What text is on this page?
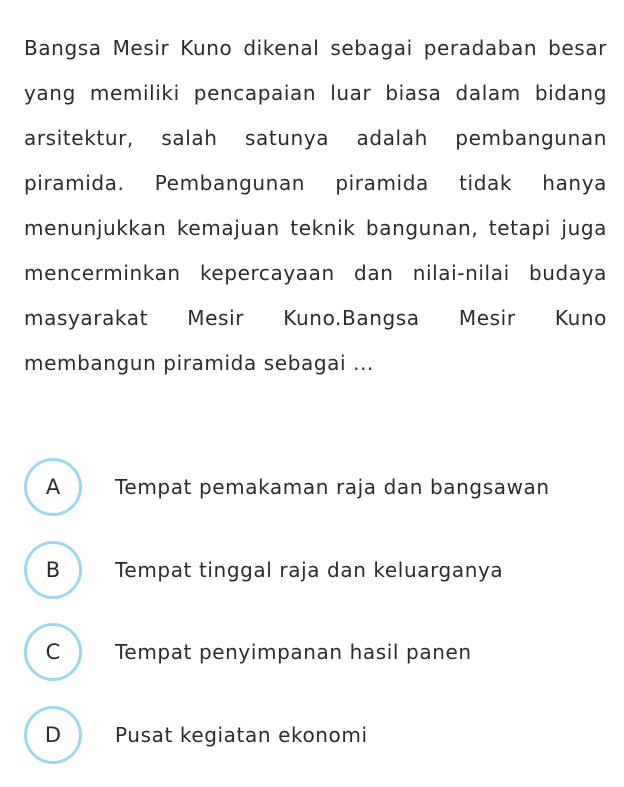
Bangsa Mesir Kuno dikenal sebagai peradaban besar yang memiliki pencapaian luar biasa dalam bidang arsitektur, salah satunya adalah pembangunan piramida. Pembangunan piramida tidak hanya menunjukkan kemajuan teknik bangunan, tetapi juga mencerminkan kepercayaan dan nilai-nilai budaya masyarakat Mesir Kuno.Bangsa Mesir Kuno membangun piramida sebagai ...

A	Tempat pemakaman raja dan bangsawan
B	Tempat tinggal raja dan keluarganya
C	Tempat penyimpanan hasil panen
D	Pusat kegiatan ekonomi
